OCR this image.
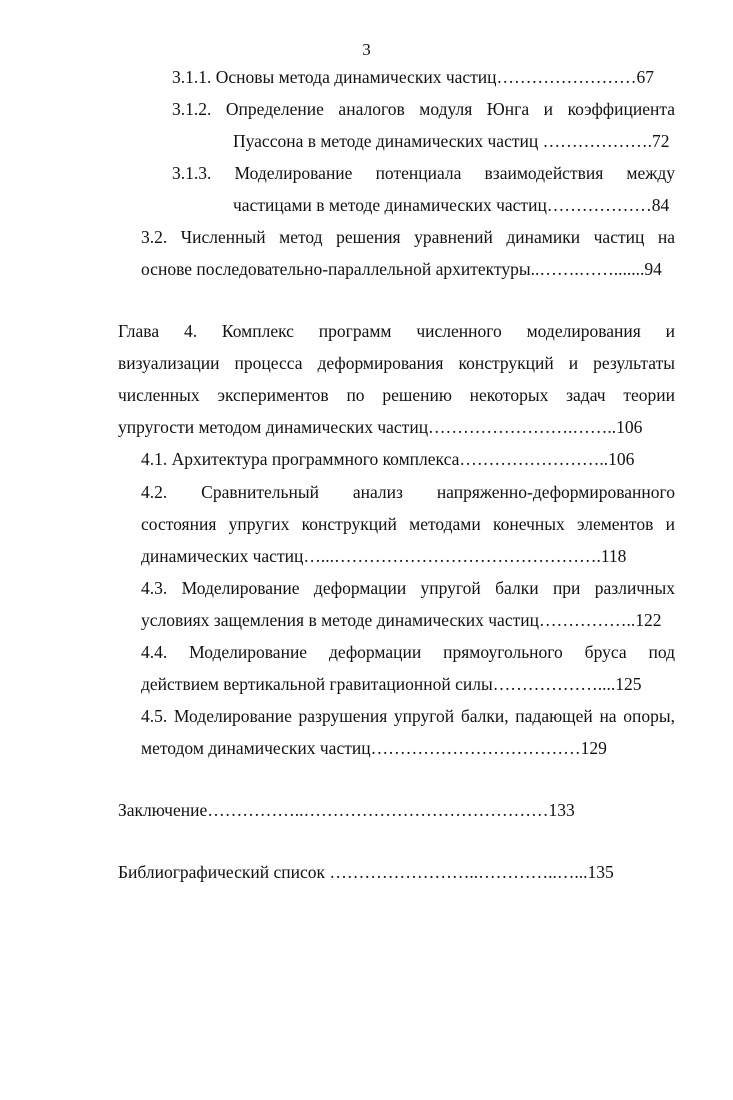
3
3.1.1. Основы метода динамических частиц……………………67
3.1.2. Определение аналогов модуля Юнга и коэффициента
Пуассона в методе динамических частиц ……………….72
3.1.3. Моделирование потенциала взаимодействия между
частицами в методе динамических частиц………………84
3.2. Численный метод решения уравнений динамики частиц на
основе последовательно-параллельной архитектуры..…….…….......94
Глава 4. Комплекс программ численного моделирования и
визуализации процесса деформирования конструкций и результаты
численных экспериментов по решению некоторых задач теории
упругости методом динамических частиц…………………….……..106
4.1. Архитектура программного комплекса……………………..106
4.2. Сравнительный анализ напряженно-деформированного
состояния упругих конструкций методами конечных элементов и
динамических частиц…...……………………………………….118
4.3. Моделирование деформации упругой балки при различных
условиях защемления в методе динамических частиц……………..122
4.4. Моделирование деформации прямоугольного бруса под
действием вертикальной гравитационной силы………………....125
4.5. Моделирование разрушения упругой балки, падающей на опоры,
методом динамических частиц………………………………129
Заключение……………..……………………………………133
Библиографический список ……………………..…………..…...135
